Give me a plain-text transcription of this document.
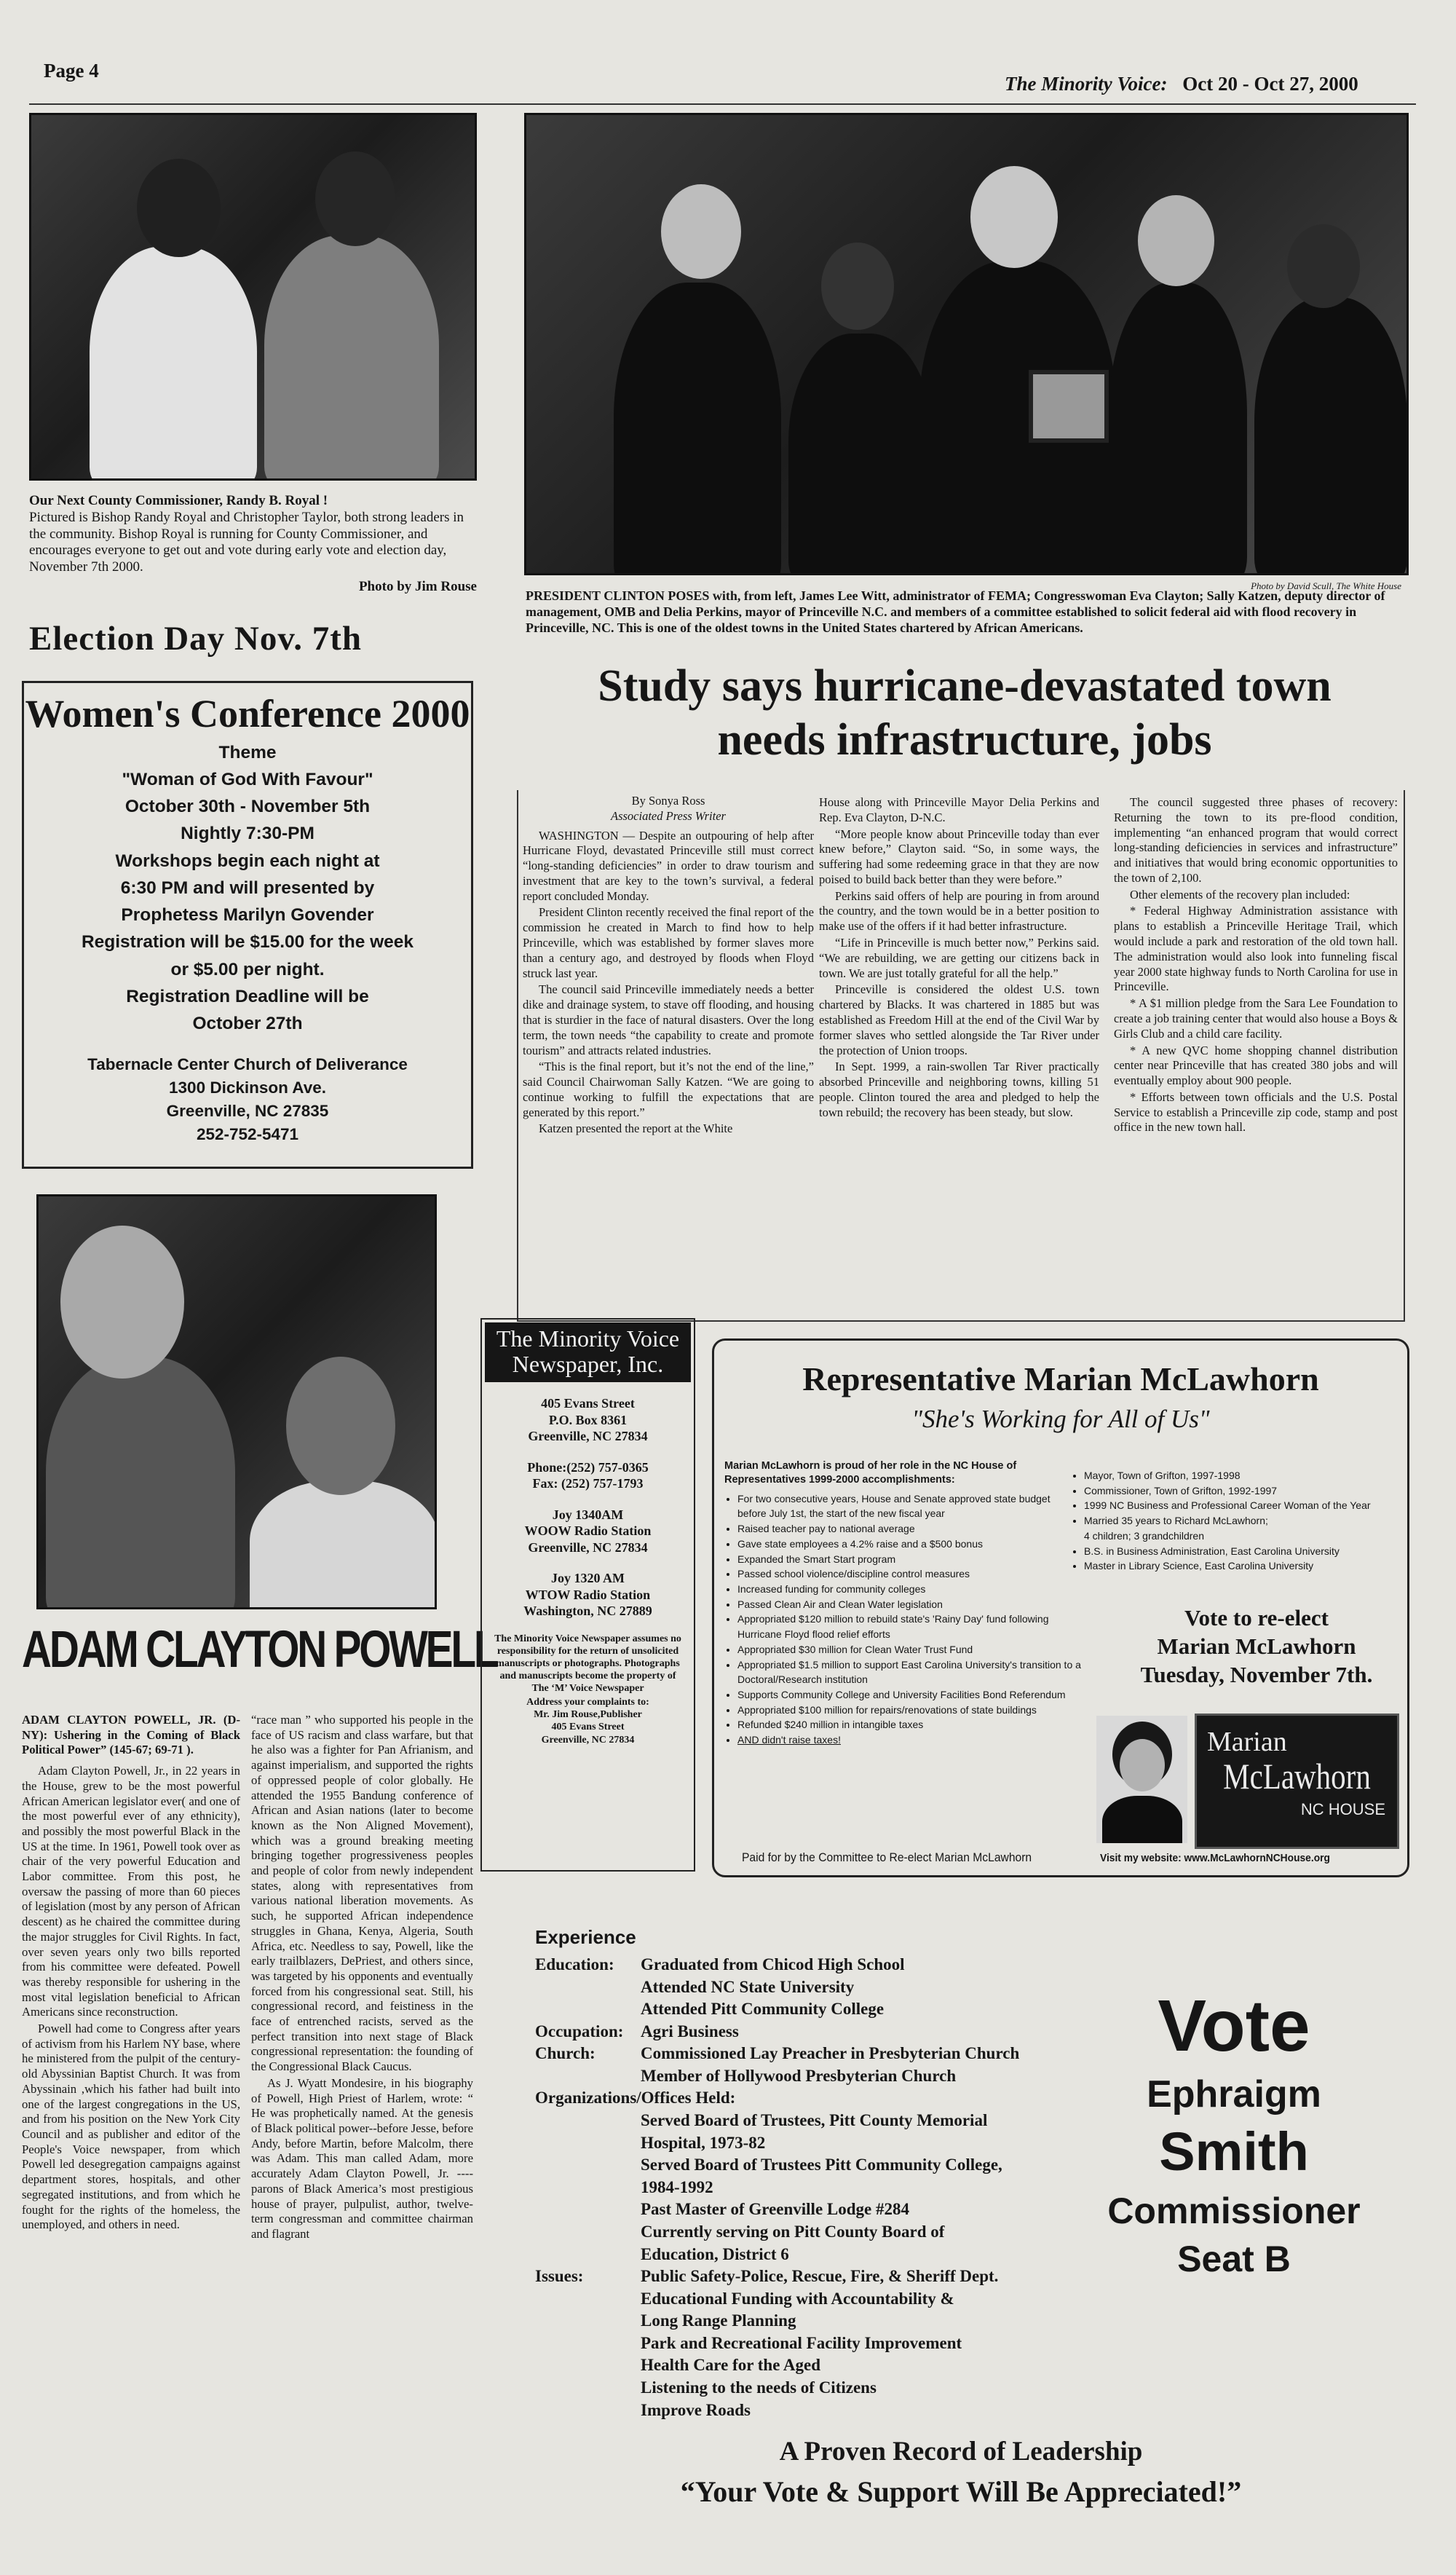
Page 4
The Minority Voice: Oct 20 - Oct 27, 2000
Our Next County Commissioner, Randy B. Royal !
Pictured is Bishop Randy Royal and Christopher Taylor, both strong leaders in the community. Bishop Royal is running for County Commissioner, and encourages everyone to get out and vote during early vote and election day, November 7th 2000.
Photo by Jim Rouse
Election Day Nov. 7th
Women's Conference 2000
Theme
"Woman of God With Favour"
October 30th - November 5th
Nightly 7:30-PM
Workshops begin each night at
6:30 PM and will presented by
Prophetess Marilyn Govender
Registration will be $15.00 for the week
or $5.00 per night.
Registration Deadline will be
October 27th
Tabernacle Center Church of Deliverance
1300 Dickinson Ave.
Greenville, NC 27835
252-752-5471
Photo by David Scull, The White House
PRESIDENT CLINTON POSES with, from left, James Lee Witt, administrator of FEMA; Congresswoman Eva Clayton; Sally Katzen, deputy director of management, OMB and Delia Perkins, mayor of Princeville N.C. and members of a committee established to solicit federal aid with flood recovery in Princeville, NC. This is one of the oldest towns in the United States chartered by African Americans.
Study says hurricane-devastated town
needs infrastructure, jobs
By Sonya Ross
Associated Press Writer

WASHINGTON — Despite an outpouring of help after Hurricane Floyd, devastated Princeville still must correct “long-standing deficiencies” in order to draw tourism and investment that are key to the town’s survival, a federal report concluded Monday.

President Clinton recently received the final report of the commission he created in March to find how to help Princeville, which was established by former slaves more than a century ago, and destroyed by floods when Floyd struck last year.

The council said Princeville immediately needs a better dike and drainage system, to stave off flooding, and housing that is sturdier in the face of natural disasters. Over the long term, the town needs “the capability to create and promote tourism” and attracts related industries.

“This is the final report, but it’s not the end of the line,” said Council Chairwoman Sally Katzen. “We are going to continue working to fulfill the expectations that are generated by this report.”

Katzen presented the report at the White

House along with Princeville Mayor Delia Perkins and Rep. Eva Clayton, D-N.C.

“More people know about Princeville today than ever knew before,” Clayton said. “So, in some ways, the suffering had some redeeming grace in that they are now poised to build back better than they were before.”

Perkins said offers of help are pouring in from around the country, and the town would be in a better position to make use of the offers if it had better infrastructure.

“Life in Princeville is much better now,” Perkins said. “We are rebuilding, we are getting our citizens back in town. We are just totally grateful for all the help.”

Princeville is considered the oldest U.S. town chartered by Blacks. It was chartered in 1885 but was established as Freedom Hill at the end of the Civil War by former slaves who settled alongside the Tar River under the protection of Union troops.

In Sept. 1999, a rain-swollen Tar River practically absorbed Princeville and neighboring towns, killing 51 people. Clinton toured the area and pledged to help the town rebuild; the recovery has been steady, but slow.

The council suggested three phases of recovery: Returning the town to its pre-flood condition, implementing “an enhanced program that would correct long-standing deficiencies in services and infrastructure” and initiatives that would bring economic opportunities to the town of 2,100.

Other elements of the recovery plan included:

* Federal Highway Administration assistance with plans to establish a Princeville Heritage Trail, which would include a park and restoration of the old town hall. The administration would also look into funneling fiscal year 2000 state highway funds to North Carolina for use in Princeville.

* A $1 million pledge from the Sara Lee Foundation to create a job training center that would also house a Boys & Girls Club and a child care facility.

* A new QVC home shopping channel distribution center near Princeville that has created 380 jobs and will eventually employ about 900 people.

* Efforts between town officials and the U.S. Postal Service to establish a Princeville zip code, stamp and post office in the new town hall.

ADAM CLAYTON POWELL

ADAM CLAYTON POWELL, JR. (D-NY): Ushering in the Coming of Black Political Power” (145-67; 69-71 ).

Adam Clayton Powell, Jr., in 22 years in the House, grew to be the most powerful African American legislator ever( and one of the most powerful ever of any ethnicity), and possibly the most powerful Black in the US at the time. In 1961, Powell took over as chair of the very powerful Education and Labor committee. From this post, he oversaw the passing of more than 60 pieces of legislation (most by any person of African descent) as he chaired the committee during the major struggles for Civil Rights. In fact, over seven years only two bills reported from his committee were defeated. Powell was thereby responsible for ushering in the most vital legislation beneficial to African Americans since reconstruction.

Powell had come to Congress after years of activism from his Harlem NY base, where he ministered from the pulpit of the century-old Abyssinian Baptist Church. It was from Abyssinain ,which his father had built into one of the largest congregations in the US, and from his position on the New York City Council and as publisher and editor of the People's Voice newspaper, from which Powell led desegregation campaigns against department stores, hospitals, and other segregated institutions, and from which he fought for the rights of the homeless, the unemployed, and others in need.

“race man ” who supported his people in the face of US racism and class warfare, but that he also was a fighter for Pan Afrianism, and against imperialism, and supported the rights of oppressed people of color globally. He attended the 1955 Bandung conference of African and Asian nations (later to become known as the Non Aligned Movement), which was a ground breaking meeting bringing together progressiveness peoples and people of color from newly independent states, along with representatives from various national liberation movements. As such, he supported African independence struggles in Ghana, Kenya, Algeria, South Africa, etc. Needless to say, Powell, like the early trailblazers, DePriest, and others since, was targeted by his opponents and eventually forced from his congressional seat. Still, his congressional record, and feistiness in the face of entrenched racists, served as the perfect transition into next stage of Black congressional representation: the founding of the Congressional Black Caucus.

As J. Wyatt Mondesire, in his biography of Powell, High Priest of Harlem, wrote: “ He was prophetically named. At the genesis of Black political power--before Jesse, before Andy, before Martin, before Malcolm, there was Adam. This man called Adam, more accurately Adam Clayton Powell, Jr. ----parons of Black America’s most prestigious house of prayer, pulpulist, author, twelve-term congressman and committee chairman and flagrant

The Minority Voice
Newspaper, Inc.
405 Evans Street
P.O. Box 8361
Greenville, NC 27834
Phone:(252) 757-0365
Fax: (252) 757-1793
Joy 1340AM
WOOW Radio Station
Greenville, NC 27834
Joy 1320 AM
WTOW Radio Station
Washington, NC 27889
The Minority Voice Newspaper assumes no responsibility for the return of unsolicited manuscripts or photographs. Photographs and manuscripts become the property of The ‘M’ Voice Newspaper
Address your complaints to:
Mr. Jim Rouse,Publisher
405 Evans Street
Greenville, NC 27834
Representative Marian McLawhorn
"She's Working for All of Us"
Marian McLawhorn is proud of her role in the NC House of Representatives 1999-2000 accomplishments:
• For two consecutive years, House and Senate approved state budget before July 1st, the start of the new fiscal year
• Raised teacher pay to national average
• Gave state employees a 4.2% raise and a $500 bonus
• Expanded the Smart Start program
• Passed school violence/discipline control measures
• Increased funding for community colleges
• Passed Clean Air and Clean Water legislation
• Appropriated $120 million to rebuild state's 'Rainy Day' fund following Hurricane Floyd flood relief efforts
• Appropriated $30 million for Clean Water Trust Fund
• Appropriated $1.5 million to support East Carolina University's transition to a Doctoral/Research institution
• Supports Community College and University Facilities Bond Referendum
• Appropriated $100 million for repairs/renovations of state buildings
• Refunded $240 million in intangible taxes
• AND didn't raise taxes!
• Mayor, Town of Grifton, 1997-1998
• Commissioner, Town of Grifton, 1992-1997
• 1999 NC Business and Professional Career Woman of the Year
• Married 35 years to Richard McLawhorn;
4 children; 3 grandchildren
• B.S. in Business Administration, East Carolina University
• Master in Library Science, East Carolina University
Vote to re-elect
Marian McLawhorn
Tuesday, November 7th.
Marian
McLawhorn
NC HOUSE
Paid for by the Committee to Re-elect Marian McLawhorn	Visit my website: www.McLawhornNCHouse.org
Experience
Education:	Graduated from Chicod High School
Attended NC State University
Attended Pitt Community College
Occupation:	Agri Business
Church:	Commissioned Lay Preacher in Presbyterian Church
Member of Hollywood Presbyterian Church
Organizations/Offices Held:
Served Board of Trustees, Pitt County Memorial
Hospital, 1973-82
Served Board of Trustees Pitt Community College,
1984-1992
Past Master of Greenville Lodge #284
Currently serving on Pitt County Board of
Education, District 6
Issues:	Public Safety-Police, Rescue, Fire, & Sheriff Dept.
Educational Funding with Accountability &
Long Range Planning
Park and Recreational Facility Improvement
Health Care for the Aged
Listening to the needs of Citizens
Improve Roads
Vote
Ephraigm
Smith
Commissioner
Seat B
A Proven Record of Leadership
“Your Vote & Support Will Be Appreciated!”
